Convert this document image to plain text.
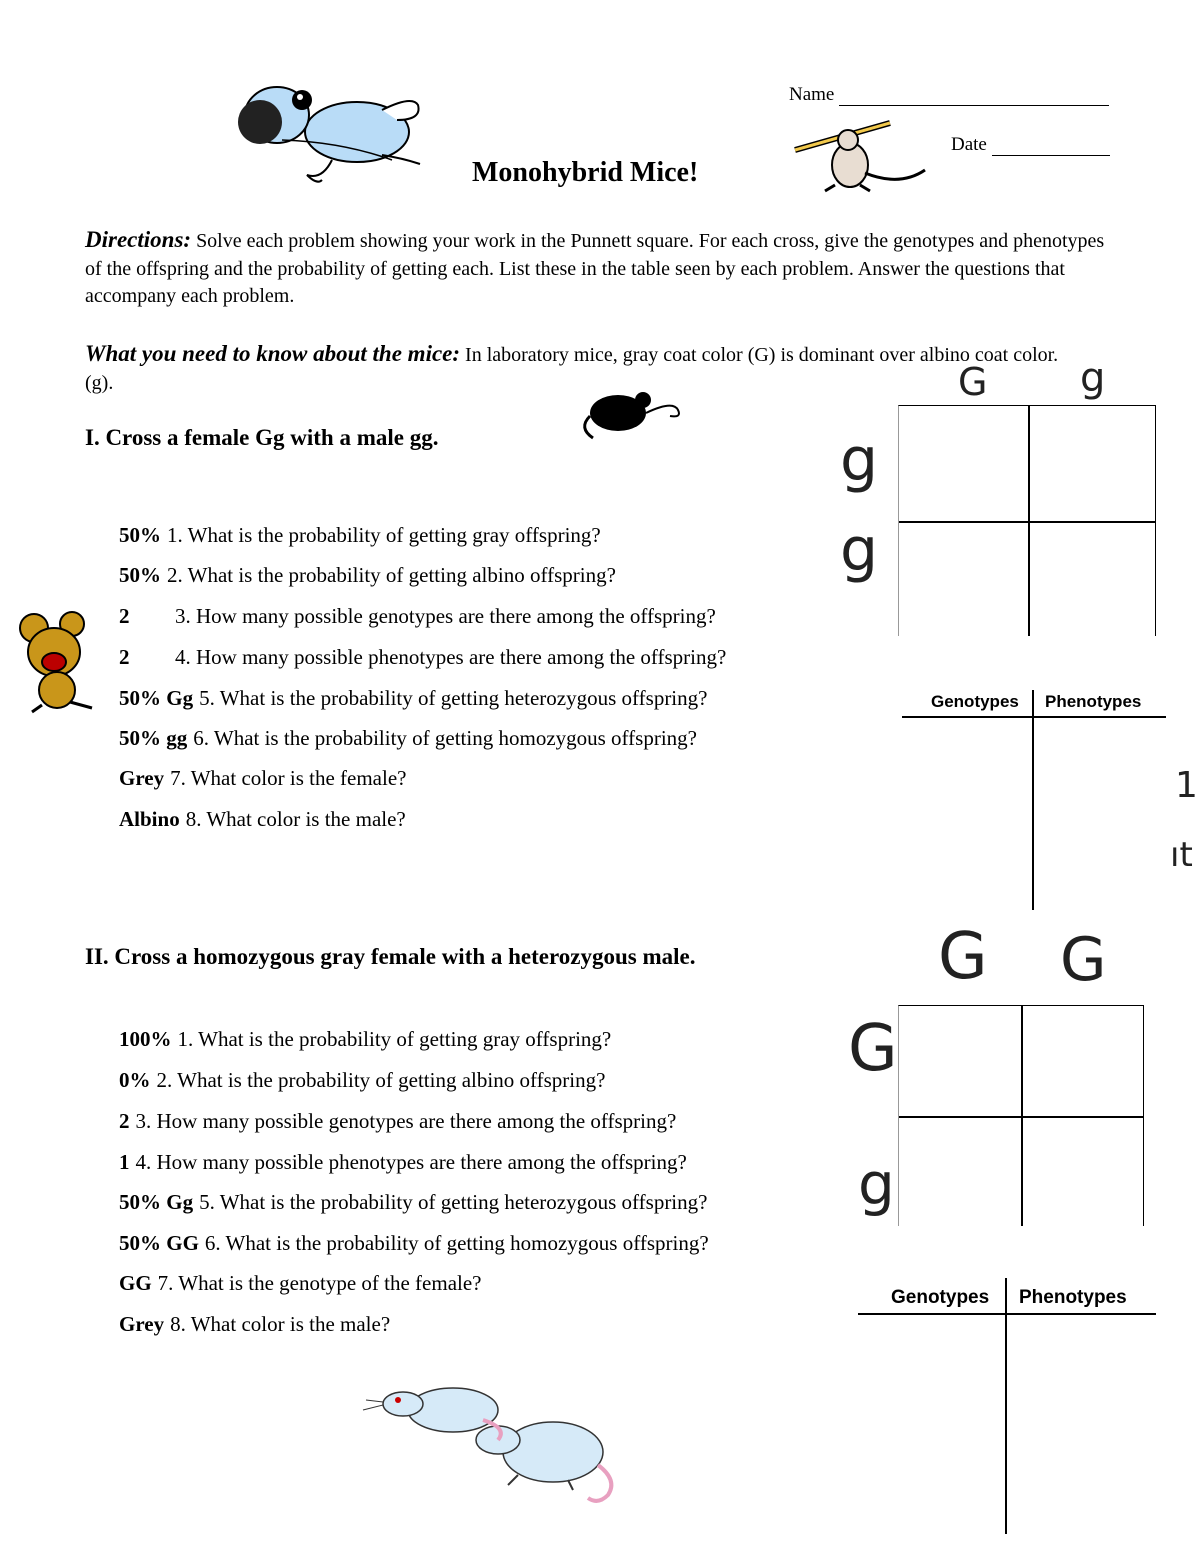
Name
Date
Monohybrid Mice!
Directions: Solve each problem showing your work in the Punnett square. For each cross, give the genotypes and phenotypes of the offspring and the probability of getting each. List these in the table seen by each problem. Answer the questions that accompany each problem.
What you need to know about the mice: In laboratory mice, gray coat color (G) is dominant over albino coat color. (g).
I. Cross a female Gg with a male gg.
50% 1. What is the probability of getting gray offspring?
50% 2. What is the probability of getting albino offspring?
2 3. How many possible genotypes are there among the offspring?
2 4. How many possible phenotypes are there among the offspring?
50% Gg 5. What is the probability of getting heterozygous offspring?
50% gg 6. What is the probability of getting homozygous offspring?
Grey 7. What color is the female?
Albino 8. What color is the male?
G g
g
g
Genotypes Phenotypes
1
ıt
II. Cross a homozygous gray female with a heterozygous male.
100% 1. What is the probability of getting gray offspring?
0% 2. What is the probability of getting albino offspring?
2 3. How many possible genotypes are there among the offspring?
1 4. How many possible phenotypes are there among the offspring?
50% Gg 5. What is the probability of getting heterozygous offspring?
50% GG 6. What is the probability of getting homozygous offspring?
GG 7. What is the genotype of the female?
Grey 8. What color is the male?
G G
G
g
Genotypes Phenotypes
